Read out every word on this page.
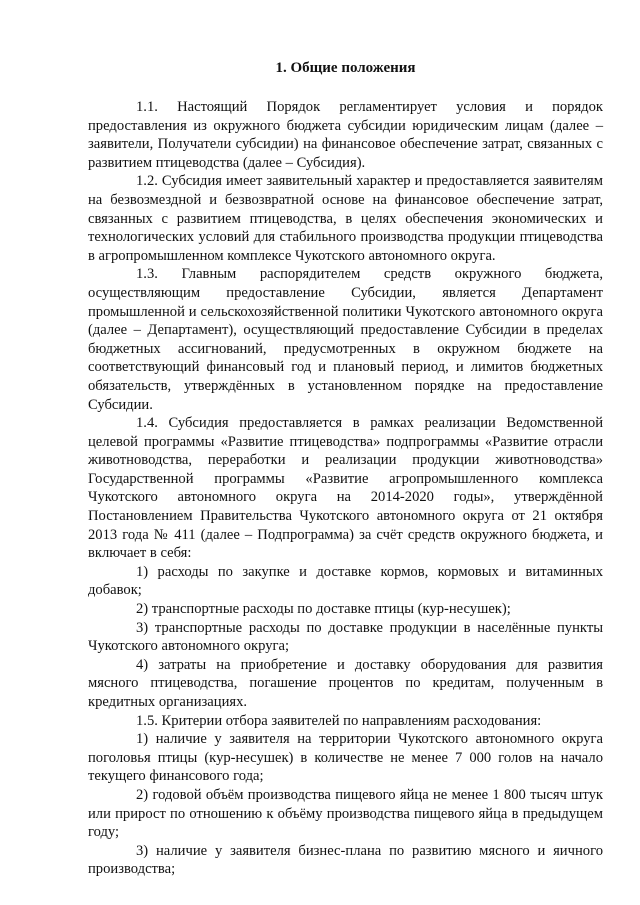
1. Общие положения

1.1. Настоящий Порядок регламентирует условия и порядок предоставления из окружного бюджета субсидии юридическим лицам (далее – заявители, Получатели субсидии) на финансовое обеспечение затрат, связанных с развитием птицеводства (далее – Субсидия).

1.2. Субсидия имеет заявительный характер и предоставляется заявителям на безвозмездной и безвозвратной основе на финансовое обеспечение затрат, связанных с развитием птицеводства, в целях обеспечения экономических и технологических условий для стабильного производства продукции птицеводства в агропромышленном комплексе Чукотского автономного округа.

1.3. Главным распорядителем средств окружного бюджета, осуществляющим предоставление Субсидии, является Департамент промышленной и сельскохозяйственной политики Чукотского автономного округа (далее – Департамент), осуществляющий предоставление Субсидии в пределах бюджетных ассигнований, предусмотренных в окружном бюджете на соответствующий финансовый год и плановый период, и лимитов бюджетных обязательств, утверждённых в установленном порядке на предоставление Субсидии.

1.4. Субсидия предоставляется в рамках реализации Ведомственной целевой программы «Развитие птицеводства» подпрограммы «Развитие отрасли животноводства, переработки и реализации продукции животноводства» Государственной программы «Развитие агропромышленного комплекса Чукотского автономного округа на 2014-2020 годы», утверждённой Постановлением Правительства Чукотского автономного округа от 21 октября 2013 года № 411 (далее – Подпрограмма) за счёт средств окружного бюджета, и включает в себя:

1) расходы по закупке и доставке кормов, кормовых и витаминных добавок;

2) транспортные расходы по доставке птицы (кур-несушек);

3) транспортные расходы по доставке продукции в населённые пункты Чукотского автономного округа;

4) затраты на приобретение и доставку оборудования для развития мясного птицеводства, погашение процентов по кредитам, полученным в кредитных организациях.

1.5. Критерии отбора заявителей по направлениям расходования:

1) наличие у заявителя на территории Чукотского автономного округа поголовья птицы (кур-несушек) в количестве не менее 7 000 голов на начало текущего финансового года;

2) годовой объём производства пищевого яйца не менее 1 800 тысяч штук или прирост по отношению к объёму производства пищевого яйца в предыдущем году;

3) наличие у заявителя бизнес-плана по развитию мясного и яичного производства;
